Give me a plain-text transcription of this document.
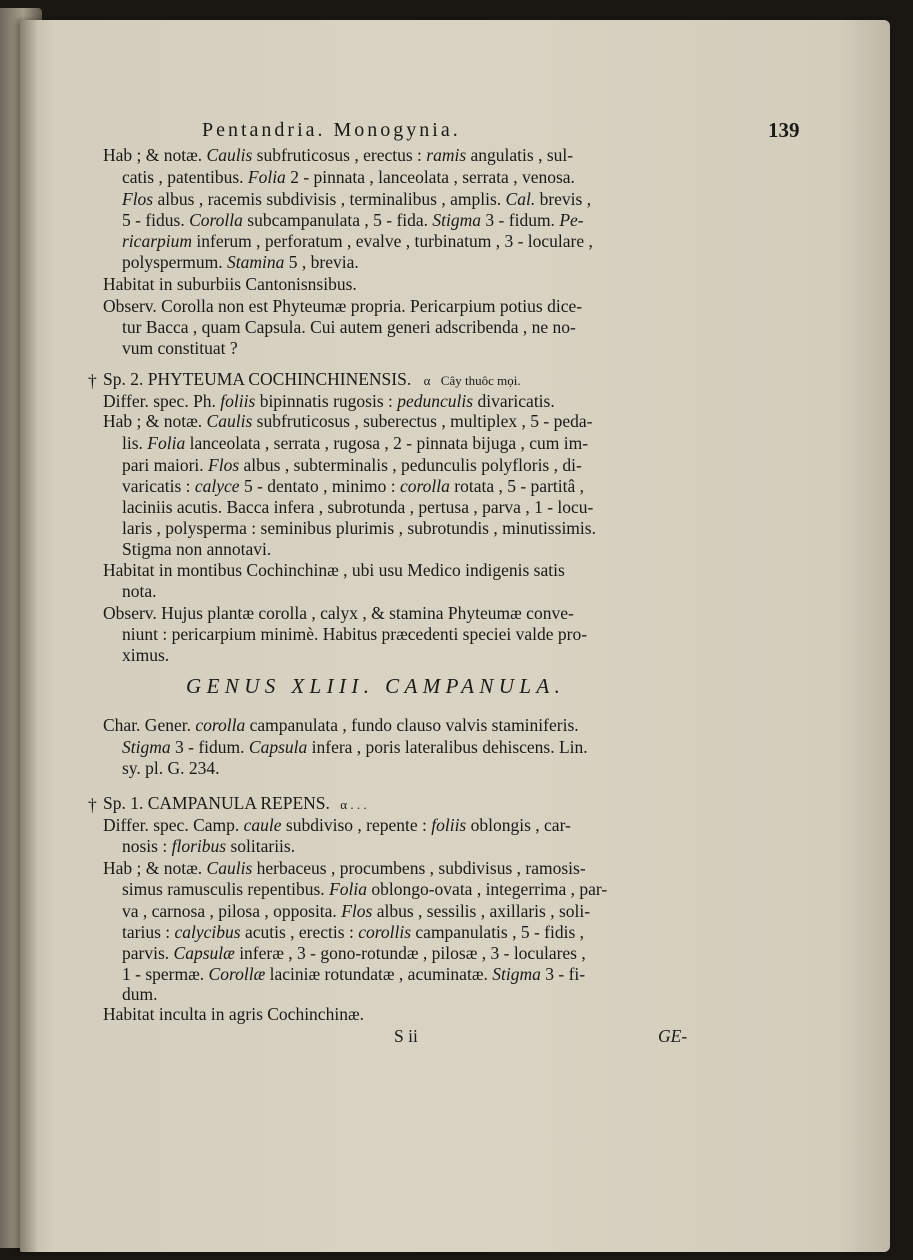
Pentandria. Monogynia.	139
Hab ; & notæ. Caulis subfruticosus , erectus : ramis angulatis , sul-
catis , patentibus. Folia 2 - pinnata , lanceolata , serrata , venosa.
Flos albus , racemis subdivisis , terminalibus , amplis. Cal. brevis ,
5 - fidus. Corolla subcampanulata , 5 - fida. Stigma 3 - fidum. Pe-
ricarpium inferum , perforatum , evalve , turbinatum , 3 - loculare ,
polyspermum. Stamina 5 , brevia.
Habitat in suburbiis Cantonisnsibus.
Observ. Corolla non est Phyteumæ propria. Pericarpium potius dice-
tur Bacca , quam Capsula. Cui autem generi adscribenda , ne no-
vum constituat ?
† Sp. 2. PHYTEUMA COCHINCHINENSIS. α Cây thuôc mọi.
Differ. spec. Ph. foliis bipinnatis rugosis : pedunculis divaricatis.
Hab ; & notæ. Caulis subfruticosus , suberectus , multiplex , 5 - peda-
lis. Folia lanceolata , serrata , rugosa , 2 - pinnata bijuga , cum im-
pari maiori. Flos albus , subterminalis , pedunculis polyfloris , di-
varicatis : calyce 5 - dentato , minimo : corolla rotata , 5 - partitâ ,
laciniis acutis. Bacca infera , subrotunda , pertusa , parva , 1 - locu-
laris , polysperma : seminibus plurimis , subrotundis , minutissimis.
Stigma non annotavi.
Habitat in montibus Cochinchinæ , ubi usu Medico indigenis satis
nota.
Observ. Hujus plantæ corolla , calyx , & stamina Phyteumæ conve-
niunt : pericarpium minimè. Habitus præcedenti speciei valde pro-
ximus.
GENUS XLIII. CAMPANULA.
Char. Gener. corolla campanulata , fundo clauso valvis staminiferis.
Stigma 3 - fidum. Capsula infera , poris lateralibus dehiscens. Lin.
sy. pl. G. 234.
† Sp. 1. CAMPANULA REPENS. α . . .
Differ. spec. Camp. caule subdiviso , repente : foliis oblongis , car-
nosis : floribus solitariis.
Hab ; & notæ. Caulis herbaceus , procumbens , subdivisus , ramosis-
simus ramusculis repentibus. Folia oblongo-ovata , integerrima , par-
va , carnosa , pilosa , opposita. Flos albus , sessilis , axillaris , soli-
tarius : calycibus acutis , erectis : corollis campanulatis , 5 - fidis ,
parvis. Capsulæ inferæ , 3 - gono-rotundæ , pilosæ , 3 - loculares ,
1 - spermæ. Corollæ laciniæ rotundatæ , acuminatæ. Stigma 3 - fi-
dum.
Habitat inculta in agris Cochinchinæ.
S ii	GE-
